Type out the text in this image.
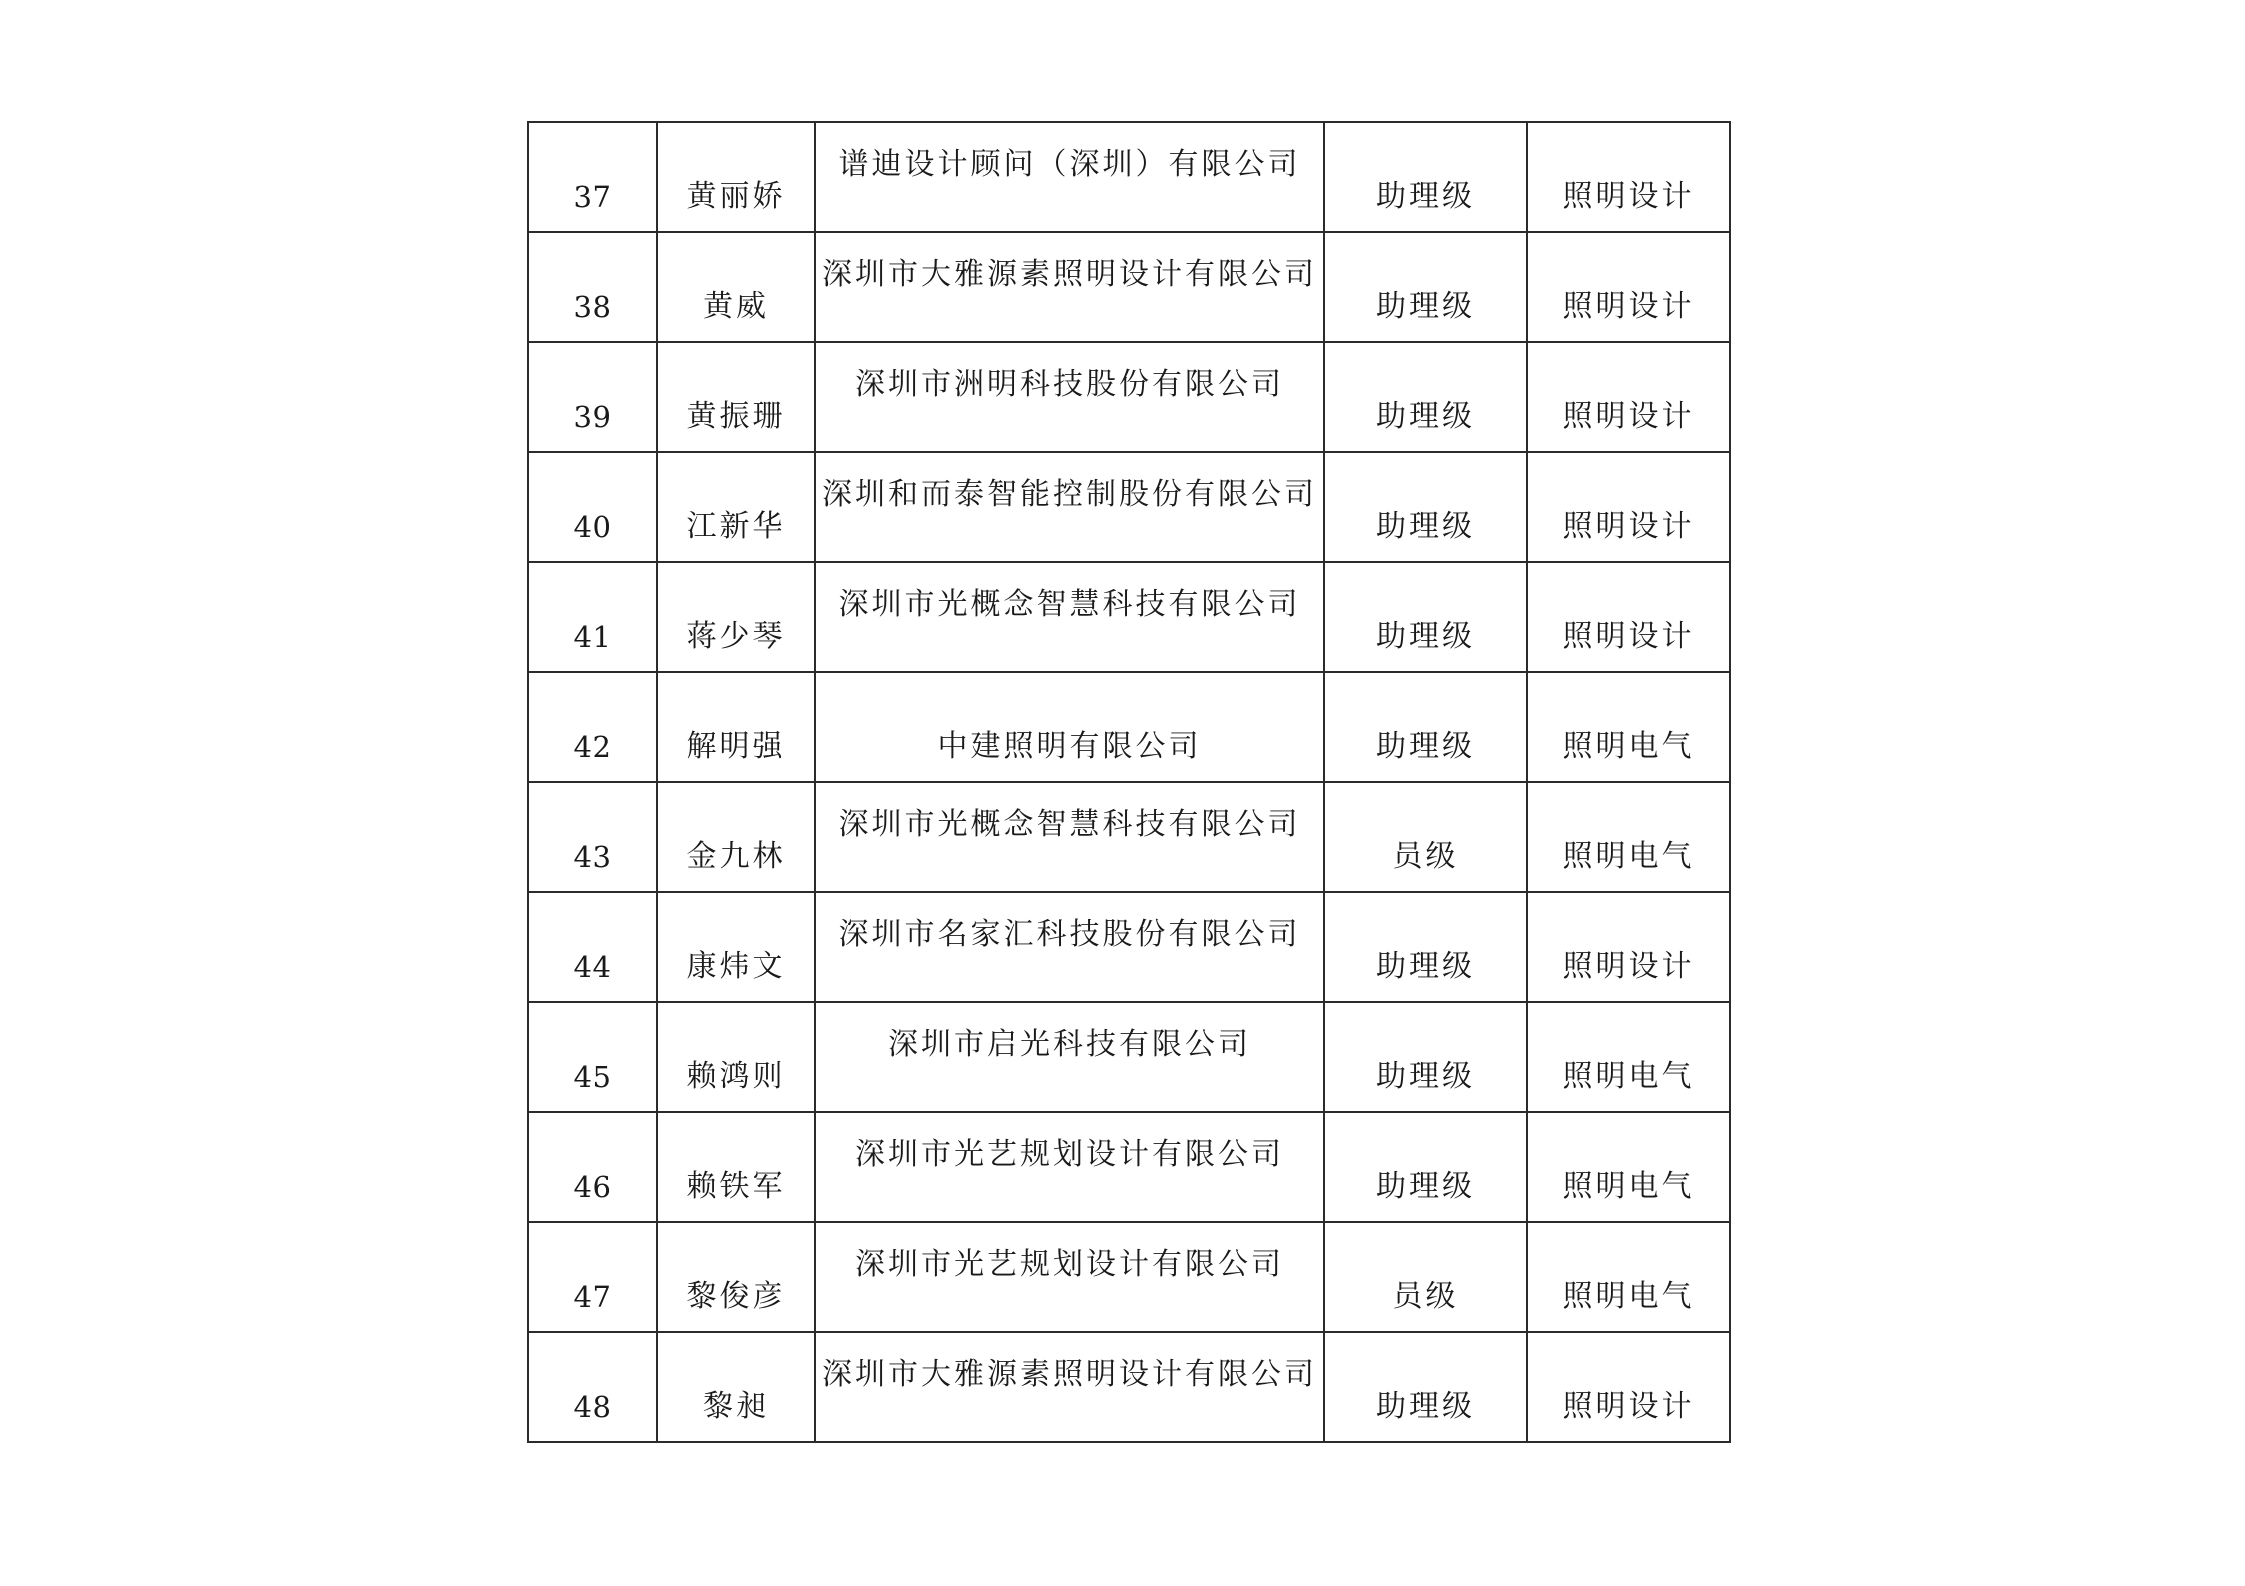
37	黄丽娇	谱迪设计顾问（深圳）有限公司	助理级	照明设计

38	黄威	深圳市大雅源素照明设计有限公司	助理级	照明设计

39	黄振珊	深圳市洲明科技股份有限公司	助理级	照明设计

40	江新华	深圳和而泰智能控制股份有限公司	助理级	照明设计

41	蒋少琴	深圳市光概念智慧科技有限公司	助理级	照明设计

42	解明强	中建照明有限公司	助理级	照明电气

43	金九林	深圳市光概念智慧科技有限公司	员级	照明电气

44	康炜文	深圳市名家汇科技股份有限公司	助理级	照明设计

45	赖鸿则	深圳市启光科技有限公司	助理级	照明电气

46	赖铁军	深圳市光艺规划设计有限公司	助理级	照明电气

47	黎俊彦	深圳市光艺规划设计有限公司	员级	照明电气

48	黎昶	深圳市大雅源素照明设计有限公司	助理级	照明设计
